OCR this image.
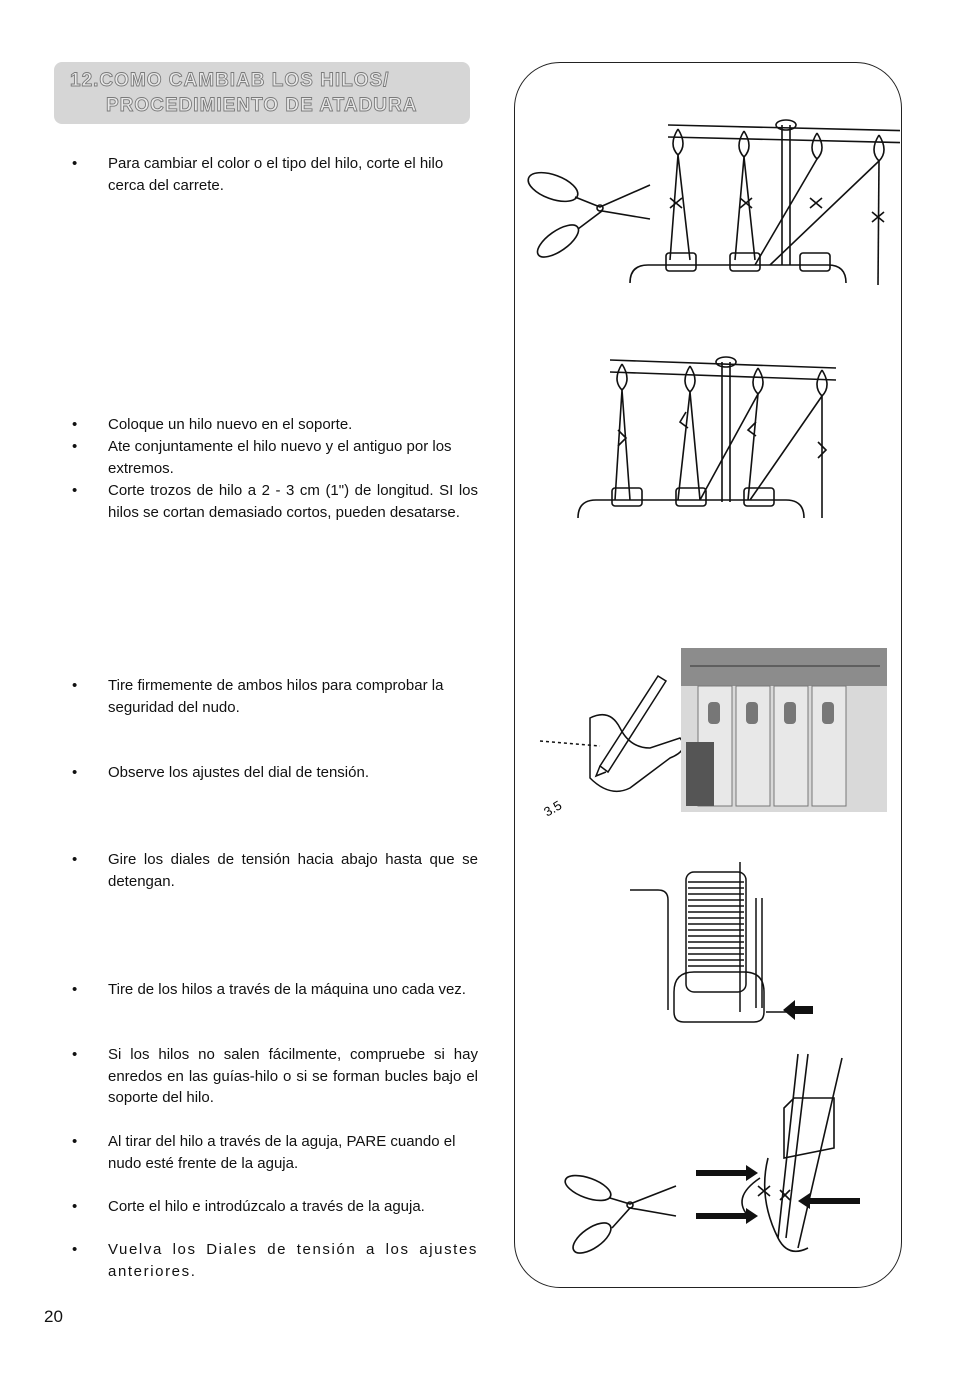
12.COMO CAMBIAB LOS HILOS/
PROCEDIMIENTO DE ATADURA
• Para cambiar el color o el tipo del hilo, corte el hilo cerca del carrete.
• Coloque un hilo nuevo en el soporte.
• Ate conjuntamente el hilo nuevo y el antiguo por los extremos.
• Corte trozos de hilo a 2 - 3 cm (1") de longitud. SI los hilos se cortan demasiado cortos, pueden desatarse.
• Tire firmemente de ambos hilos para comprobar la seguridad del nudo.
• Observe los ajustes del dial de tensión.
• Gire los diales de tensión hacia abajo hasta que se detengan.
• Tire de los hilos a través de la máquina uno cada vez.
• Si los hilos no salen fácilmente, compruebe si hay enredos en las guías-hilo o si se forman bucles bajo el soporte del hilo.
• Al tirar del hilo a través de la aguja, PARE cuando el nudo esté frente de la aguja.
• Corte el hilo e introdúzcalo a través de la aguja.
• Vuelva los Diales de tensión a los ajustes anteriores.
20
3.5
